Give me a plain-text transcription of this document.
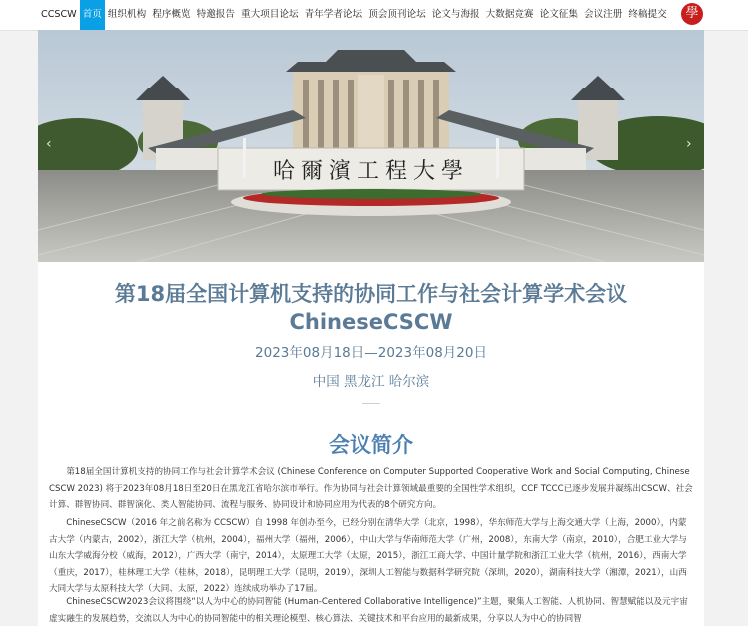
CCSCW 首页 组织机构 程序概览 特邀报告 重大项目论坛 青年学者论坛 顶会顶刊论坛 论文与海报 大数据竞赛 论文征集 会议注册 终稿提交	學
哈爾濱工程大學
‹	›
第18届全国计算机支持的协同工作与社会计算学术会议
ChineseCSCW
2023年08月18日—2023年08月20日
中国 黑龙江 哈尔滨
会议简介

第18届全国计算机支持的协同工作与社会计算学术会议 (Chinese Conference on Computer Supported Cooperative Work and Social Computing, ChineseCSCW 2023) 将于2023年08月18日至20日在黑龙江省哈尔滨市举行。作为协同与社会计算领域最重要的全国性学术组织，CCF TCCC已逐步发展并凝练出CSCW、社会计算、群智协同、群智演化、类人智能协同、流程与服务、协同设计和协同应用为代表的8个研究方向。

ChineseCSCW（2016 年之前名称为 CCSCW）自 1998 年创办至今，已经分别在清华大学（北京，1998），华东师范大学与上海交通大学（上海，2000），内蒙古大学（内蒙古，2002），浙江大学（杭州，2004），福州大学（福州，2006），中山大学与华南师范大学（广州，2008），东南大学（南京，2010），合肥工业大学与山东大学威海分校（威海，2012），广西大学（南宁，2014），太原理工大学（太原，2015），浙江工商大学、中国计量学院和浙江工业大学（杭州，2016），西南大学（重庆，2017），桂林理工大学（桂林，2018），昆明理工大学（昆明，2019），深圳人工智能与数据科学研究院（深圳，2020），湖南科技大学（湘潭，2021），山西大同大学与太原科技大学（大同、太原，2022）连续成功举办了17届。

ChineseCSCW2023会议将围绕“以人为中心的协同智能 (Human-Centered Collaborative Intelligence)”主题，聚集人工智能、人机协同、智慧赋能以及元宇宙虚实融生的发展趋势，交流以人为中心的协同智能中的相关理论模型、核心算法、关键技术和平台应用的最新成果，分享以人为中心的协同智
